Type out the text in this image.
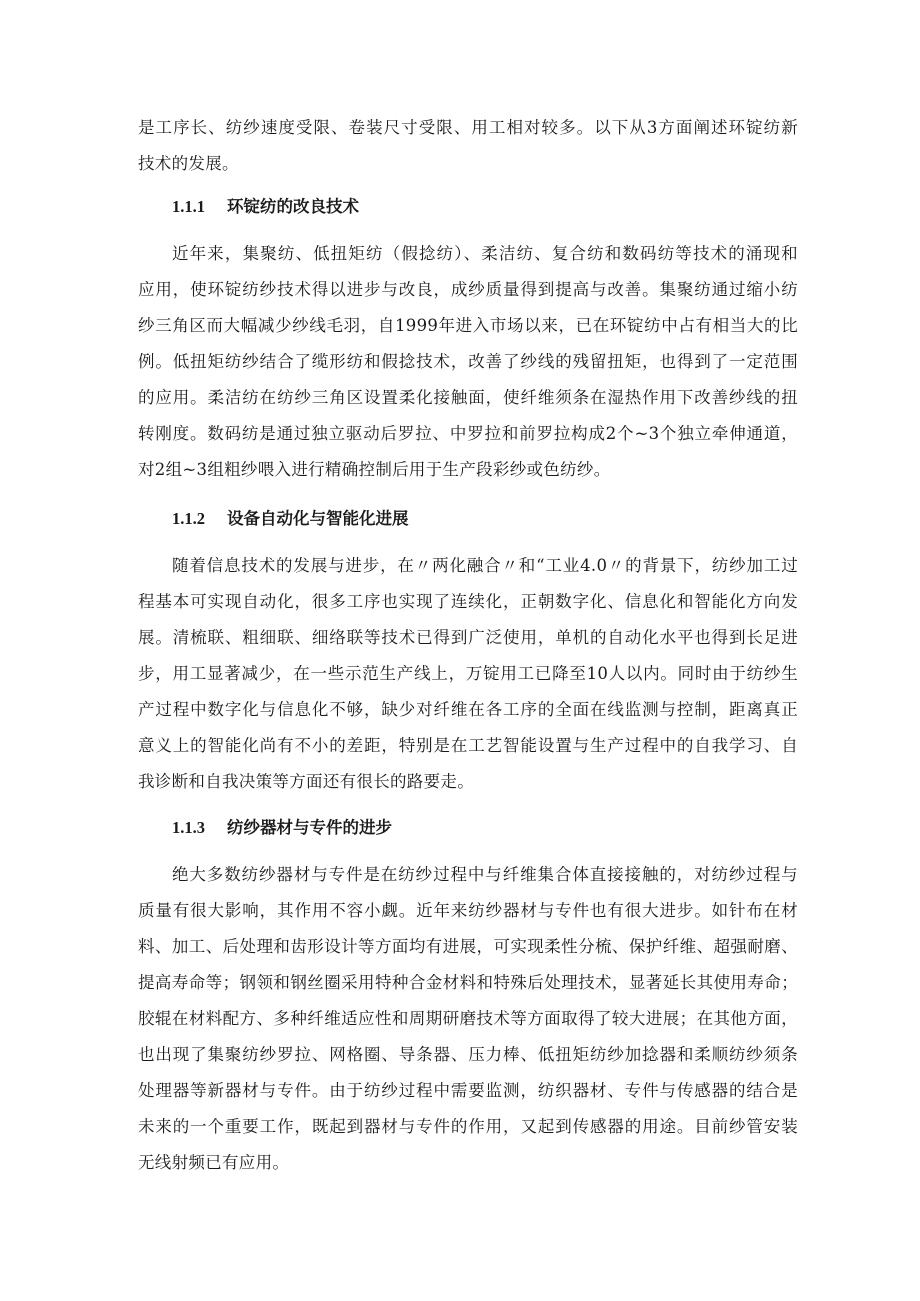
是工序长、纺纱速度受限、卷装尺寸受限、用工相对较多。以下从3方面阐述环锭纺新
技术的发展。
1.1.1 环锭纺的改良技术
近年来，集聚纺、低扭矩纺（假捻纺）、柔洁纺、复合纺和数码纺等技术的涌现和
应用，使环锭纺纱技术得以进步与改良，成纱质量得到提高与改善。集聚纺通过缩小纺
纱三角区而大幅减少纱线毛羽，自1999年进入市场以来，已在环锭纺中占有相当大的比
例。低扭矩纺纱结合了缆形纺和假捻技术，改善了纱线的残留扭矩，也得到了一定范围
的应用。柔洁纺在纺纱三角区设置柔化接触面，使纤维须条在湿热作用下改善纱线的扭
转刚度。数码纺是通过独立驱动后罗拉、中罗拉和前罗拉构成2个~3个独立牵伸通道，
对2组~3组粗纱喂入进行精确控制后用于生产段彩纱或色纺纱。
1.1.2 设备自动化与智能化进展
随着信息技术的发展与进步，在〃两化融合〃和“工业4.0〃的背景下，纺纱加工过
程基本可实现自动化，很多工序也实现了连续化，正朝数字化、信息化和智能化方向发
展。清梳联、粗细联、细络联等技术已得到广泛使用，单机的自动化水平也得到长足进
步，用工显著减少，在一些示范生产线上，万锭用工已降至10人以内。同时由于纺纱生
产过程中数字化与信息化不够，缺少对纤维在各工序的全面在线监测与控制，距离真正
意义上的智能化尚有不小的差距，特别是在工艺智能设置与生产过程中的自我学习、自
我诊断和自我决策等方面还有很长的路要走。
1.1.3 纺纱器材与专件的进步
绝大多数纺纱器材与专件是在纺纱过程中与纤维集合体直接接触的，对纺纱过程与
质量有很大影响，其作用不容小觑。近年来纺纱器材与专件也有很大进步。如针布在材
料、加工、后处理和齿形设计等方面均有进展，可实现柔性分梳、保护纤维、超强耐磨、
提高寿命等；钢领和钢丝圈采用特种合金材料和特殊后处理技术，显著延长其使用寿命；
胶辊在材料配方、多种纤维适应性和周期研磨技术等方面取得了较大进展；在其他方面，
也出现了集聚纺纱罗拉、网格圈、导条器、压力棒、低扭矩纺纱加捻器和柔顺纺纱须条
处理器等新器材与专件。由于纺纱过程中需要监测，纺织器材、专件与传感器的结合是
未来的一个重要工作，既起到器材与专件的作用，又起到传感器的用途。目前纱管安装
无线射频已有应用。
